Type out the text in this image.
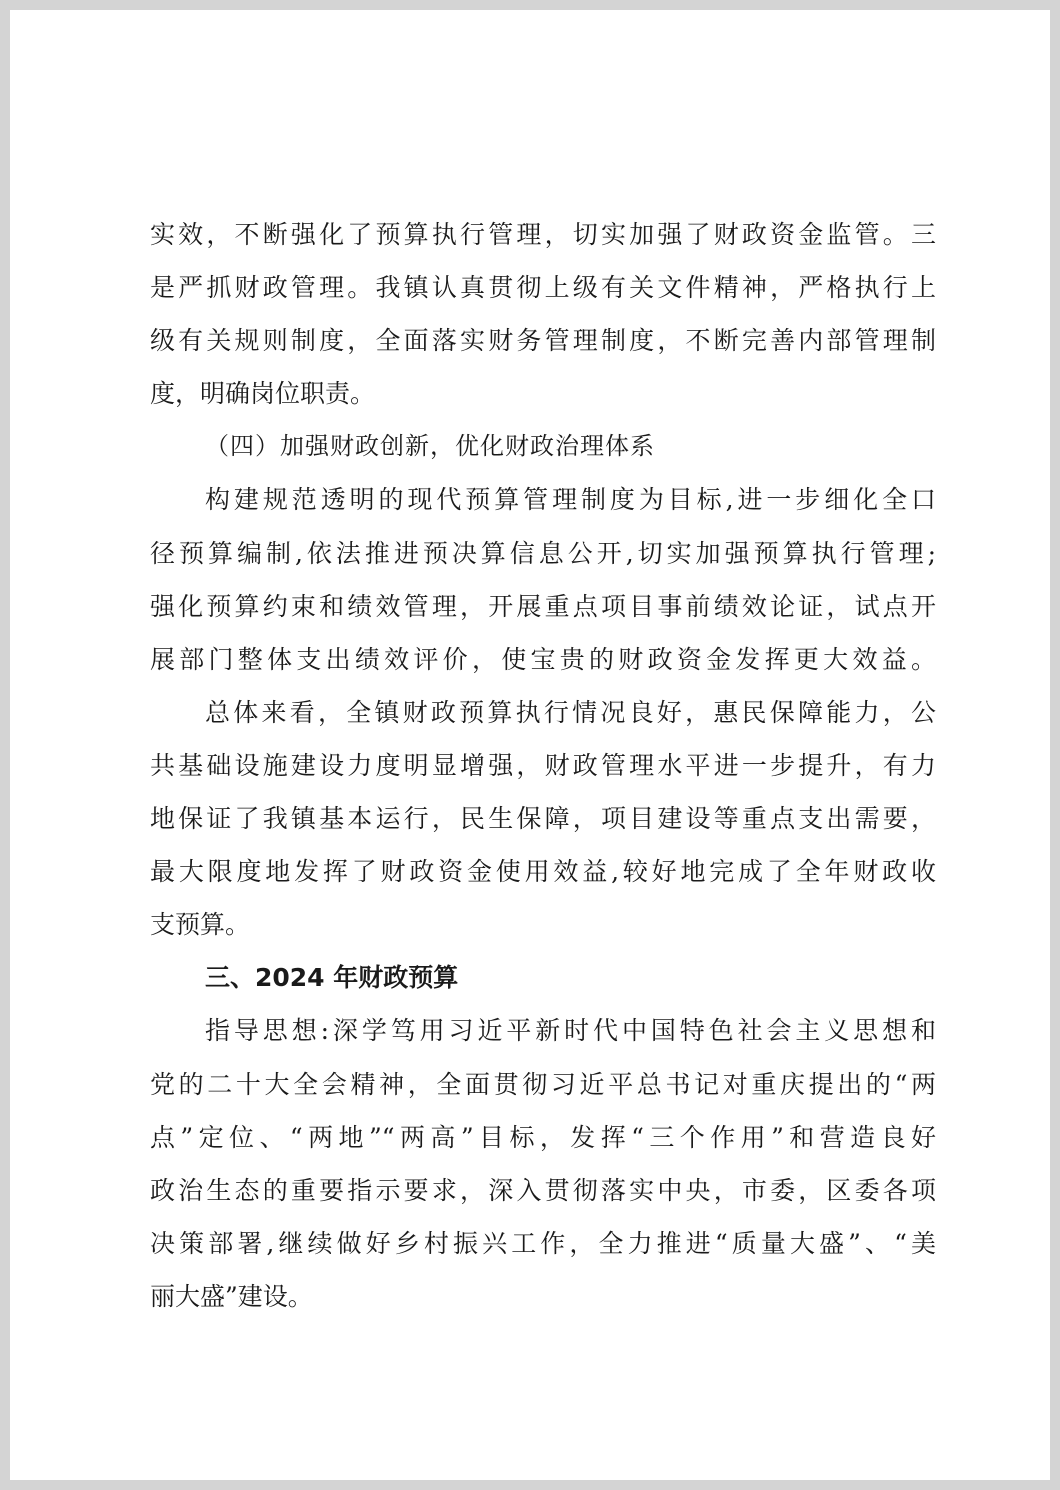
实效，不断强化了预算执行管理，切实加强了财政资金监管。三
是严抓财政管理。我镇认真贯彻上级有关文件精神，严格执行上
级有关规则制度，全面落实财务管理制度，不断完善内部管理制
度，明确岗位职责。
（四）加强财政创新，优化财政治理体系
构建规范透明的现代预算管理制度为目标,进一步细化全口
径预算编制,依法推进预决算信息公开,切实加强预算执行管理;
强化预算约束和绩效管理，开展重点项目事前绩效论证，试点开
展部门整体支出绩效评价，使宝贵的财政资金发挥更大效益。
总体来看，全镇财政预算执行情况良好，惠民保障能力，公
共基础设施建设力度明显增强，财政管理水平进一步提升，有力
地保证了我镇基本运行，民生保障，项目建设等重点支出需要，
最大限度地发挥了财政资金使用效益,较好地完成了全年财政收
支预算。
三、2024 年财政预算
指导思想:深学笃用习近平新时代中国特色社会主义思想和
党的二十大全会精神，全面贯彻习近平总书记对重庆提出的“两
点”定位、“两地”“两高”目标，发挥“三个作用”和营造良好
政治生态的重要指示要求，深入贯彻落实中央，市委，区委各项
决策部署,继续做好乡村振兴工作，全力推进“质量大盛”、“美
丽大盛”建设。
